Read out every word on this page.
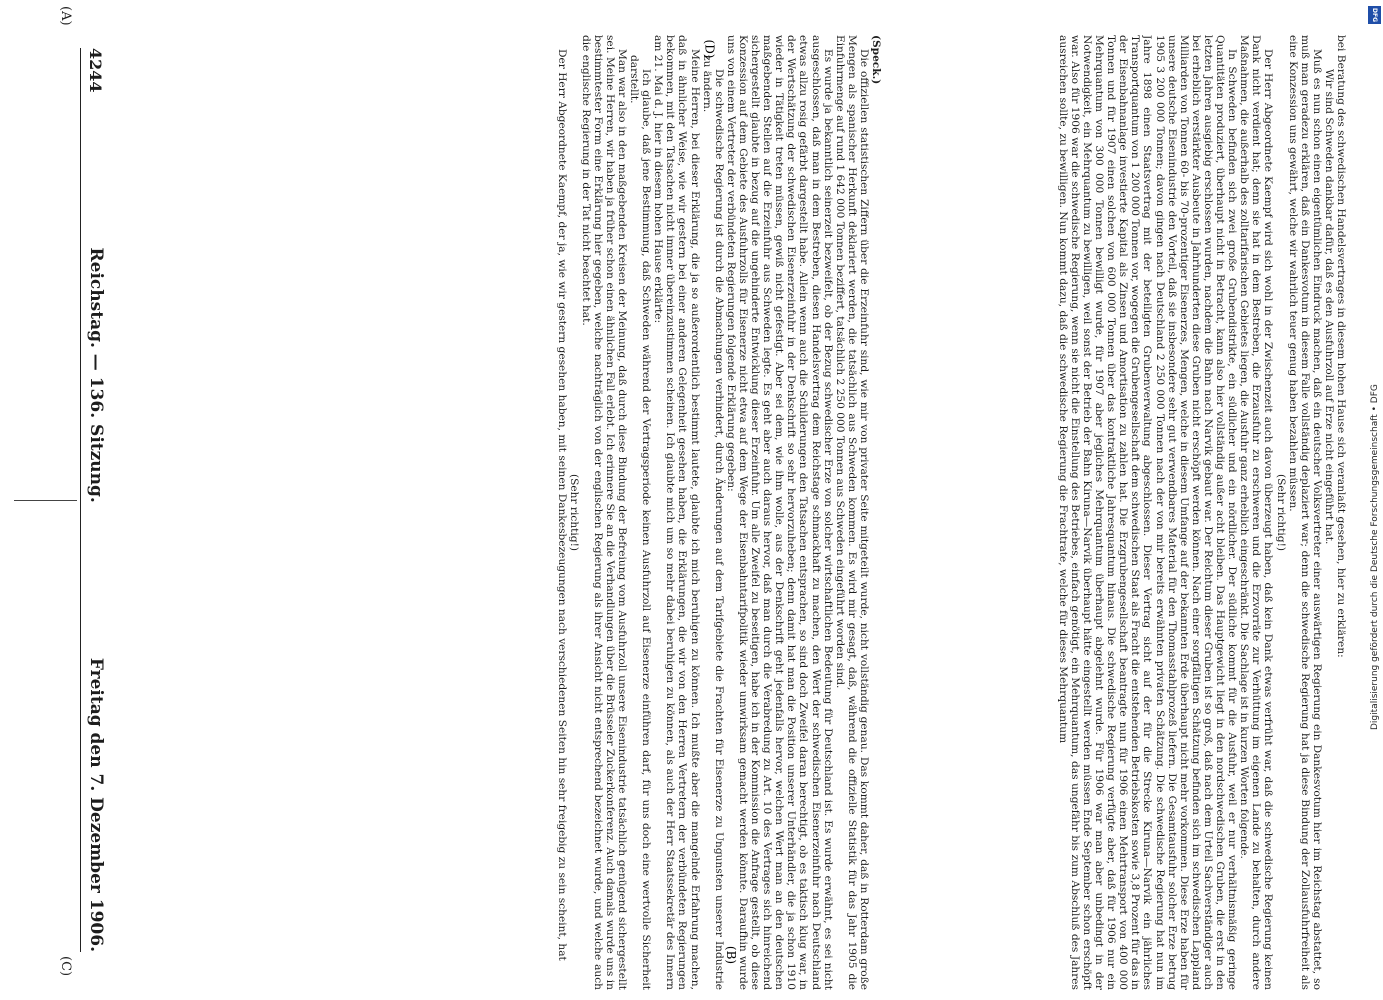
4244
Reichstag. — 136. Sitzung.
Freitag den 7. Dezember 1906.
(A)
(C)
(Speck.)

Die offiziellen statistischen Ziffern über die Erzeinfuhr sind, wie mir von privater Seite mitgeteilt wurde, nicht vollständig genau. Das kommt daher, daß in Rotterdam große Mengen als spanischer Herkunft deklariert werden, die tatsächlich aus Schweden kommen. Es wird mir gesagt, daß, während die offizielle Statistik für das Jahr 1905 die Einfuhrmenge auf rund 1 642 000 Tonnen beziffert, tatsächlich 2 250 000 Tonnen aus Schweden eingeführt worden sind.

Es wurde ja bekanntlich seinerzeit bezweifelt, ob der Bezug schwedischer Erze von solcher wirtschaftlichen Bedeutung für Deutschland ist. Es wurde erwähnt, es sei nicht ausgeschlossen, daß man in dem Bestreben, diesen Handelsvertrag dem Reichstage schmackhaft zu machen, den Wert der schwedischen Eisenerzeinfuhr nach Deutschland etwas allzu rosig gefärbt dargestellt habe. Allein wenn auch die Schilderungen den Tatsachen entsprachen, so sind doch Zweifel daran berechtigt, ob es taktisch klug war, in der Wertschätzung der schwedischen Eisenerzeinfuhr in der Denkschrift so sehr hervorzuheben; denn damit hat man die Position unserer Unterhändler, die ja schon 1910 wieder in Tätigkeit treten müssen, gewiß nicht gefestigt. Aber sei dem, wie ihm wolle, aus der Denkschrift geht jedenfalls hervor, welchen Wert man an den deutschen maßgebenden Stellen auf die Erzeinfuhr aus Schweden legte. Es geht aber auch daraus hervor, daß man durch die Verabredung zu Art. 10 des Vertrages sich hinreichend sichergestellt glaubte in bezug auf die ungehinderte Entwicklung dieser Erzeinfuhr. Um alle Zweifel zu beseitigen, habe ich in der Kommission die Anfrage gestellt, ob diese Konzession auf dem Gebiete des Ausfuhrzolls für Eisenerze nicht etwa auf dem Wege der Eisenbahntarifpolitik wieder umwirksam gemacht werden könnte. Daraufhin wurde uns von einem Vertreter der verbündeten Regierungen folgende Erklärung gegeben:

Die schwedische Regierung ist durch die Abmachungen verhindert, durch Änderungen auf dem Tarifgebiete die Frachten für Eisenerze zu Ungunsten unserer Industrie zu ändern.

Meine Herren, bei dieser Erklärung, die ja so außerordentlich bestimmt lautete, glaubte ich mich beruhigen zu können. Ich mußte aber die mangelnde Erfahrung machen, daß in ähnlicher Weise, wie wir gestern bei einer anderen Gelegenheit gesehen haben, die Erklärungen, die wir von den Herren Vertretern der verbündeten Regierungen bekommen, mit den Tatsachen nicht immer übereinzustimmen scheinen. Ich glaubte mich um so mehr dabei beruhigen zu können, als auch der Herr Staatssekretär des Innern am 21. Mai d. J. hier in diesem hohen Hause erklärte:

Ich glaube, daß jene Bestimmung, daß Schweden während der Vertragsperiode keinen Ausfuhrzoll auf Eisenerze einführen darf, für uns doch eine wertvolle Sicherheit darstellt.

Man war also in den maßgebenden Kreisen der Meinung, daß durch diese Bindung der Befreiung vom Ausfuhrzoll unsere Eisenindustrie tatsächlich genügend sichergestellt sei. Meine Herren, wir haben ja früher schon einen ähnlichen Fall erlebt. Ich erinnere Sie an die Verhandlungen über die Brüsseler Zuckerkonferenz. Auch damals wurde uns in bestimmtester Form eine Erklärung hier gegeben, welche nachträglich von der englischen Regierung als ihrer Ansicht nicht entsprechend bezeichnet wurde, und welche auch die englische Regierung in der Tat nicht beachtet hat.

(Sehr richtig!)

Der Herr Abgeordnete Kaempf, der ja, wie wir gestern gesehen haben, mit seinen Dankesbezeugungen nach verschiedenen Seiten hin sehr freigebig zu sein scheint, hat	bei Beratung des schwedischen Handelsvertrages in diesem hohen Hause sich veranlaßt gesehen, hier zu erklären:

Wir sind Schweden dankbar dafür, daß es den Ausfuhrzoll auf Erze nicht eingeführt hat.

Muß es nun schon einen eigentümlichen Eindruck machen, daß ein deutscher Volksvertreter einer auswärtigen Regierung ein Dankesvotum hier im Reichstag abstattet, so muß man geradezu erklären, daß ein Dankesvotum in diesem Falle vollständig deplaziert war; denn die schwedische Regierung hat ja diese Bindung der Zollausfuhrfreiheit als eine Konzession uns gewährt, welche wir wahrlich teuer genug haben bezahlen müssen.

(Sehr richtig!)

Der Herr Abgeordnete Kaempf wird sich wohl in der Zwischenzeit auch davon überzeugt haben, daß kein Dank etwas verfrüht war, daß die schwedische Regierung keinen Dank nicht verdient hat; denn sie hat in dem Bestreben, die Erzausfuhr zu erschweren und die Erzvorräte zur Verhüttung im eigenen Lande zu behalten, durch andere Maßnahmen, die außerhalb des zolltarifarischen Gebietes liegen, die Ausfuhr ganz erheblich eingeschränkt. Die Sachlage ist in kurzen Worten folgende.

In Schweden befinden sich zwei große Grubendistrikte, ein südlicher und ein nördlicher. Der südliche kommt für die Ausfuhr, weil er nur verhältnismäßig geringe Quantitäten produziert, überhaupt nicht in Betracht, kann also hier vollständig außer acht bleiben. Das Hauptgewicht liegt in den nordschwedischen Gruben, die erst in den letzten Jahren ausgiebig erschlossen wurden, nachdem die Bahn nach Narvik gebaut war. Der Reichtum dieser Gruben ist so groß, daß nach dem Urteil Sachverständiger auch bei erheblich verstärkter Ausbeute in Jahrhunderten diese Gruben nicht erschöpft werden können. Nach einer sorgfältigen Schätzung befinden sich im schwedischen Lappland Milliarden von Tonnen 60- bis 70-prozentiger Eisenerzes, Mengen, welche in diesem Umfange auf der bekannten Erde überhaupt nicht mehr vorkommen. Diese Erze haben für unsere deutsche Eisenindustrie den Vorteil, daß sie insbesondere sehr gut verwendbares Material für den Thomasstahlprozeß liefern. Die Gesamtausfuhr solcher Erze betrug 1905 3 200 000 Tonnen; davon gingen nach Deutschland 2 250 000 Tonnen nach der von mir bereits erwähnten privaten Schätzung. Die schwedische Regierung hat nun im Jahre 1898 einen Staatsvertrag mit der beteiligten Grubenverwaltung abgeschlossen. Dieser Vertrag sicht auf der für die Strecke Kiruna—Narvik ein jährliches Transportquantum von 1 200 000 Tonnen vor, wogegen die Grubengesellschaft dem schwedischen Staat als Fracht die entstehenden Betriebskosten sowie 3,8 Prozent für das in der Eisenbahnanlage investierte Kapital als Zinsen und Amortisation zu zahlen hat. Die Erzgrubengesellschaft beantragte nun für 1906 einen Mehrtransport von 400 000 Tonnen und für 1907 einen solchen von 600 000 Tonnen über das kontraktliche Jahresquantum hinaus. Die schwedische Regierung verfügte aber, daß für 1906 nur ein Mehrquantum von 300 000 Tonnen bewilligt wurde, für 1907 aber jegliches Mehrquantum überhaupt abgelehnt wurde. Für 1906 war man aber unbedingt in der Notwendigkeit, ein Mehrquantum zu bewilligen, weil sonst der Betrieb der Bahn Kiruna—Narvik überhaupt hätte eingestellt werden müssen Ende September schon erschöpft war. Also für 1906 war die schwedische Regierung, wenn sie nicht die Einstellung des Betriebes, einfach genötigt, ein Mehrquantum, das ungefähr bis zum Abschluß des Jahres ausreichen sollte, zu bewilligen. Nun kommt dazu, daß die schwedische Regierung die Frachtrate, welche für dieses Mehrquantum

(B)
(D)
Digitalisierung gefördert durch die Deutsche Forschungsgemeinschaft • DFG
DFG
